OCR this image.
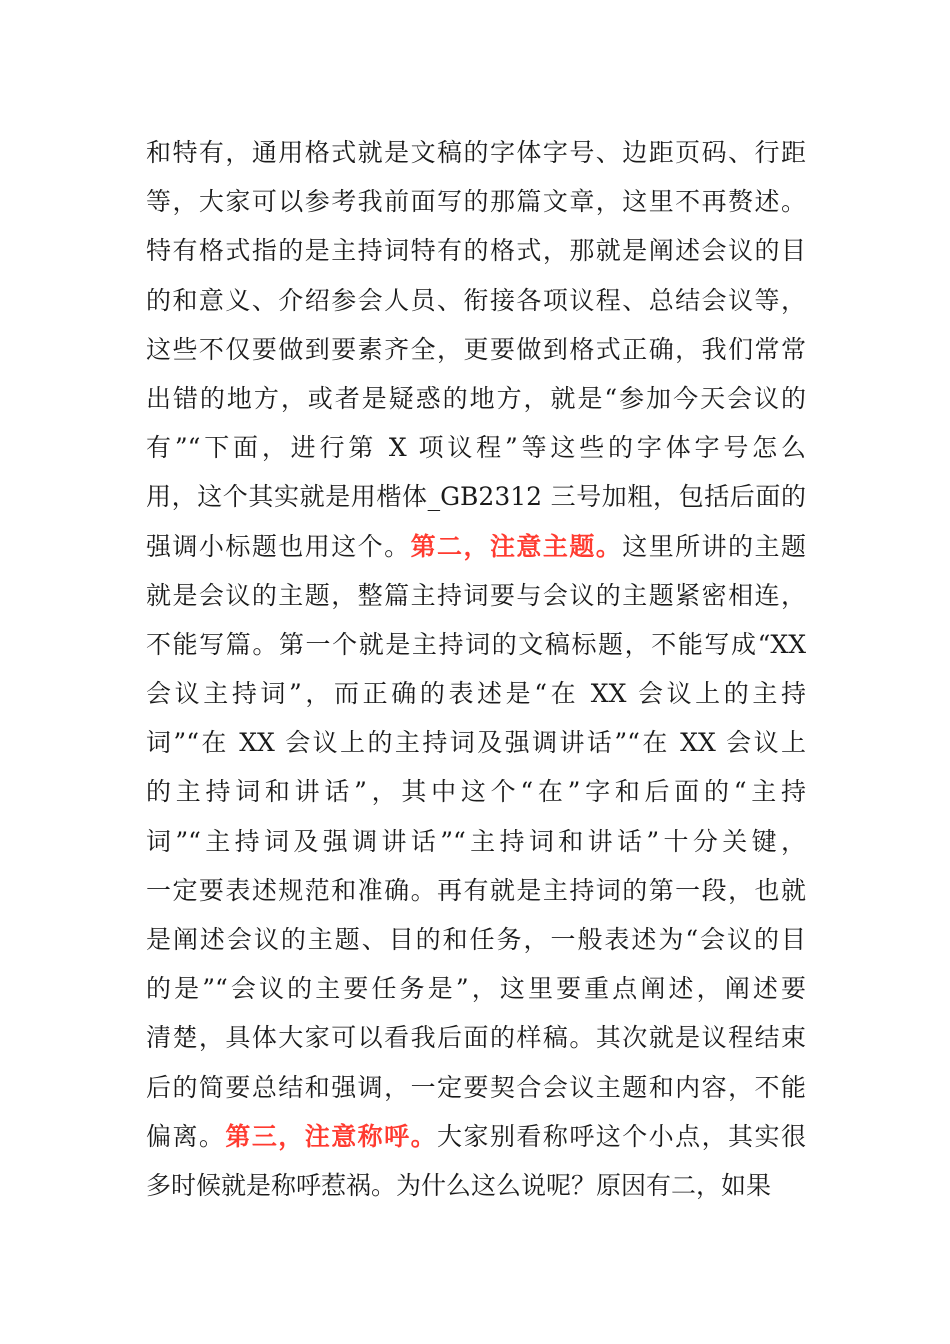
和特有，通用格式就是文稿的字体字号、边距页码、行距
等，大家可以参考我前面写的那篇文章，这里不再赘述。
特有格式指的是主持词特有的格式，那就是阐述会议的目
的和意义、介绍参会人员、衔接各项议程、总结会议等，
这些不仅要做到要素齐全，更要做到格式正确，我们常常
出错的地方，或者是疑惑的地方，就是“参加今天会议的
有”“下面，进行第 X 项议程”等这些的字体字号怎么
用，这个其实就是用楷体_GB2312 三号加粗，包括后面的
强调小标题也用这个。第二，注意主题。这里所讲的主题
就是会议的主题，整篇主持词要与会议的主题紧密相连，
不能写篇。第一个就是主持词的文稿标题，不能写成“XX
会议主持词”，而正确的表述是“在 XX 会议上的主持
词”“在 XX 会议上的主持词及强调讲话”“在 XX 会议上
的主持词和讲话”，其中这个“在”字和后面的“主持
词”“主持词及强调讲话”“主持词和讲话”十分关键，
一定要表述规范和准确。再有就是主持词的第一段，也就
是阐述会议的主题、目的和任务，一般表述为“会议的目
的是”“会议的主要任务是”，这里要重点阐述，阐述要
清楚，具体大家可以看我后面的样稿。其次就是议程结束
后的简要总结和强调，一定要契合会议主题和内容，不能
偏离。第三，注意称呼。大家别看称呼这个小点，其实很
多时候就是称呼惹祸。为什么这么说呢？原因有二，如果
